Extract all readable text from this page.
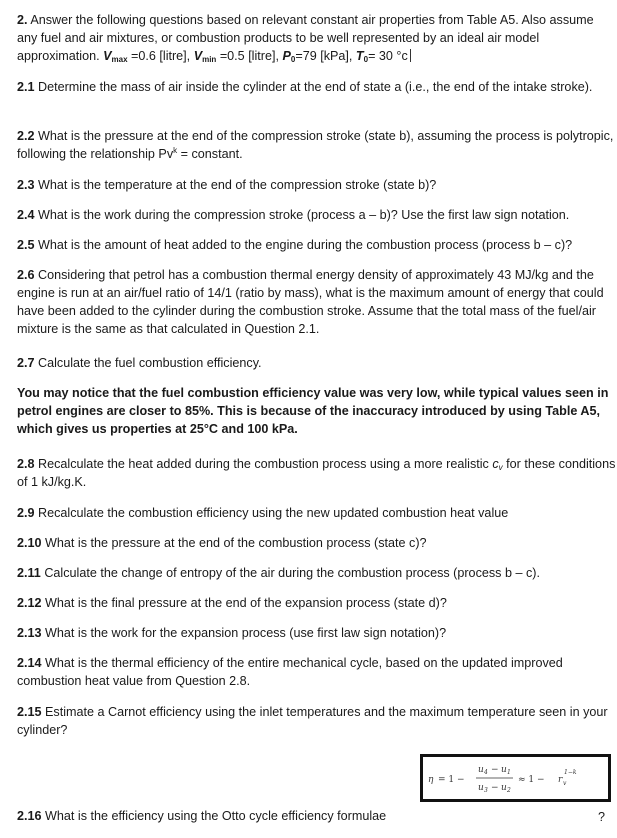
2. Answer the following questions based on relevant constant air properties from Table A5. Also assume any fuel and air mixtures, or combustion products to be well represented by an ideal air model approximation. $V_{max} =0.6$ [litre], $V_{min} =0.5$ [litre], $P_0=79$ [kPa], $T_0= 30$ °c

2.1 Determine the mass of air inside the cylinder at the end of state a (i.e., the end of the intake stroke).

2.2 What is the pressure at the end of the compression stroke (state b), assuming the process is polytropic, following the relationship $Pv^k$ = constant.

2.3 What is the temperature at the end of the compression stroke (state b)?

2.4 What is the work during the compression stroke (process a – b)? Use the first law sign notation.

2.5 What is the amount of heat added to the engine during the combustion process (process b – c)?

2.6 Considering that petrol has a combustion thermal energy density of approximately 43 MJ/kg and the engine is run at an air/fuel ratio of 14/1 (ratio by mass), what is the maximum amount of energy that could have been added to the cylinder during the combustion stroke. Assume that the total mass of the fuel/air mixture is the same as that calculated in Question 2.1.

2.7 Calculate the fuel combustion efficiency.

You may notice that the fuel combustion efficiency value was very low, while typical values seen in petrol engines are closer to 85%. This is because of the inaccuracy introduced by using Table A5, which gives us properties at 25°C and 100 kPa.

2.8 Recalculate the heat added during the combustion process using a more realistic $c_v$ for these conditions of 1 kJ/kg.K.

2.9 Recalculate the combustion efficiency using the new updated combustion heat value

2.10 What is the pressure at the end of the combustion process (state c)?

2.11 Calculate the change of entropy of the air during the combustion process (process b – c).

2.12 What is the final pressure at the end of the expansion process (state d)?

2.13 What is the work for the expansion process (use first law sign notation)?

2.14 What is the thermal efficiency of the entire mechanical cycle, based on the updated improved combustion heat value from Question 2.8.

2.15 Estimate a Carnot efficiency using the inlet temperatures and the maximum temperature seen in your cylinder?

2.16 What is the efficiency using the Otto cycle efficiency formulae

η = 1 −
u 4 − u 1
u 3 − u 2
≈ 1 − r v
1−k
?
